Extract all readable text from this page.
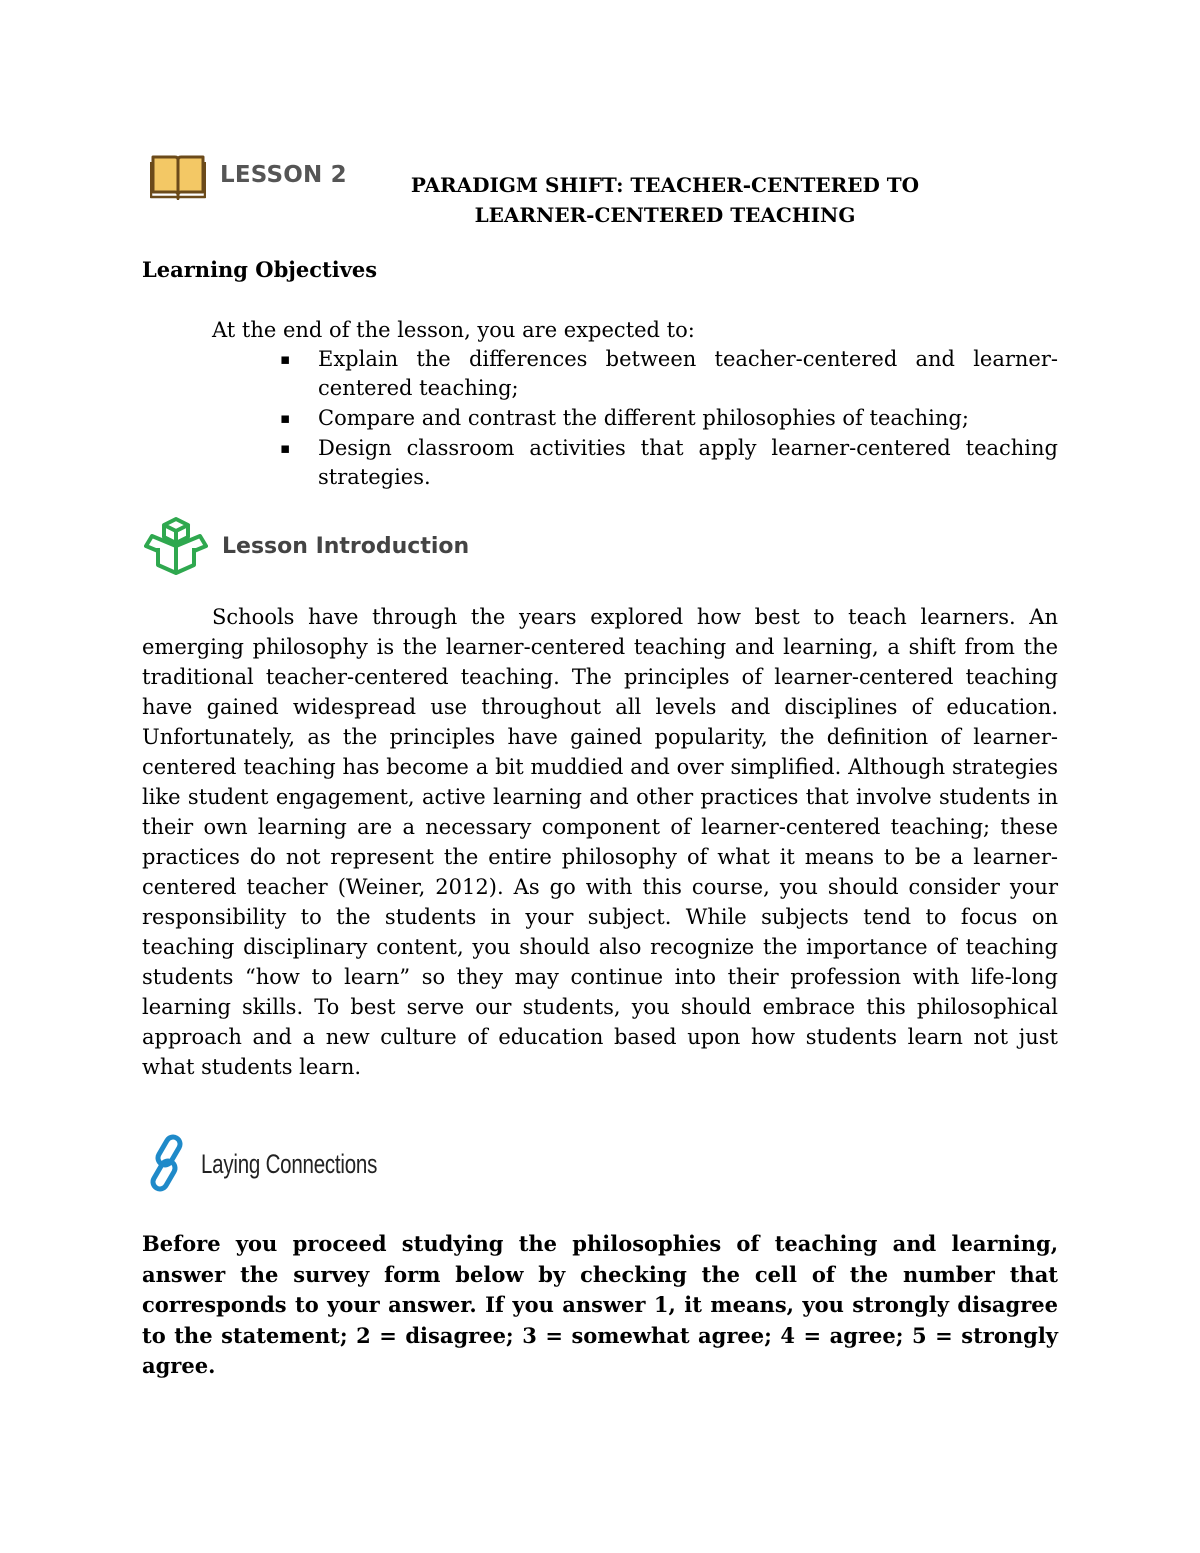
LESSON 2	PARADIGM SHIFT: TEACHER-CENTERED TO
LEARNER-CENTERED TEACHING
Learning Objectives
At the end of the lesson, you are expected to:
▪ Explain the differences between teacher-centered and learner-centered teaching;
▪ Compare and contrast the different philosophies of teaching;
▪ Design classroom activities that apply learner-centered teaching strategies.
Lesson Introduction

Schools have through the years explored how best to teach learners. An emerging philosophy is the learner-centered teaching and learning, a shift from the traditional teacher-centered teaching. The principles of learner-centered teaching have gained widespread use throughout all levels and disciplines of education. Unfortunately, as the principles have gained popularity, the definition of learner-centered teaching has become a bit muddied and over simplified. Although strategies like student engagement, active learning and other practices that involve students in their own learning are a necessary component of learner-centered teaching; these practices do not represent the entire philosophy of what it means to be a learner-centered teacher (Weiner, 2012). As go with this course, you should consider your responsibility to the students in your subject. While subjects tend to focus on teaching disciplinary content, you should also recognize the importance of teaching students “how to learn” so they may continue into their profession with life-long learning skills. To best serve our students, you should embrace this philosophical approach and a new culture of education based upon how students learn not just what students learn.

Laying Connections

Before you proceed studying the philosophies of teaching and learning, answer the survey form below by checking the cell of the number that corresponds to your answer. If you answer 1, it means, you strongly disagree to the statement; 2 = disagree; 3 = somewhat agree; 4 = agree; 5 = strongly agree.
